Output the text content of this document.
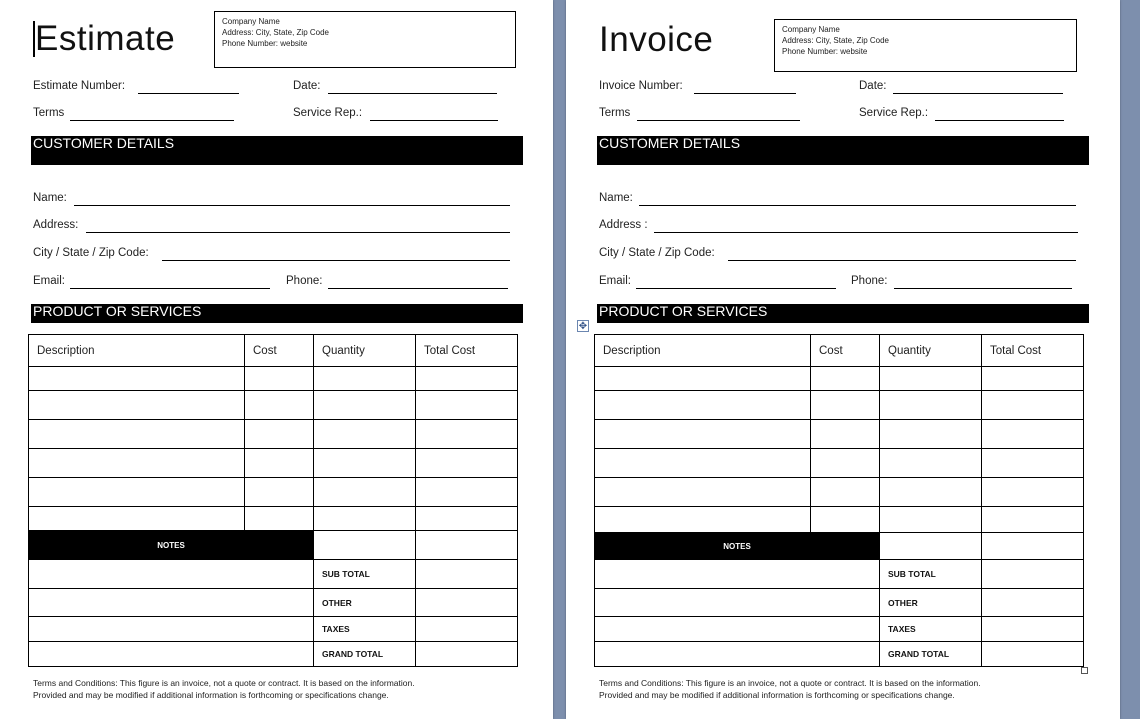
Estimate	Company Name
Address: City, State, Zip Code
Phone Number: website
Estimate Number:	Date:
Terms	Service Rep.:
CUSTOMER DETAILS
Name:
Address:
City / State / Zip Code:
Email:	Phone:
PRODUCT OR SERVICES
Description	Cost	Quantity	Total Cost

NOTES			
		SUB TOTAL	
		OTHER	
		TAXES	
		GRAND TOTAL	
Terms and Conditions: This figure is an invoice, not a quote or contract. It is based on the information.
Provided and may be modified if additional information is forthcoming or specifications change.
Invoice	Company Name
Address: City, State, Zip Code
Phone Number: website
Invoice Number:	Date:
Terms	Service Rep.:
CUSTOMER DETAILS
Name:
Address :
City / State / Zip Code:
Email:	Phone:
PRODUCT OR SERVICES
✥
Description	Cost	Quantity	Total Cost

NOTES			
		SUB TOTAL	
		OTHER	
		TAXES	
		GRAND TOTAL	
Terms and Conditions: This figure is an invoice, not a quote or contract. It is based on the information.
Provided and may be modified if additional information is forthcoming or specifications change.
